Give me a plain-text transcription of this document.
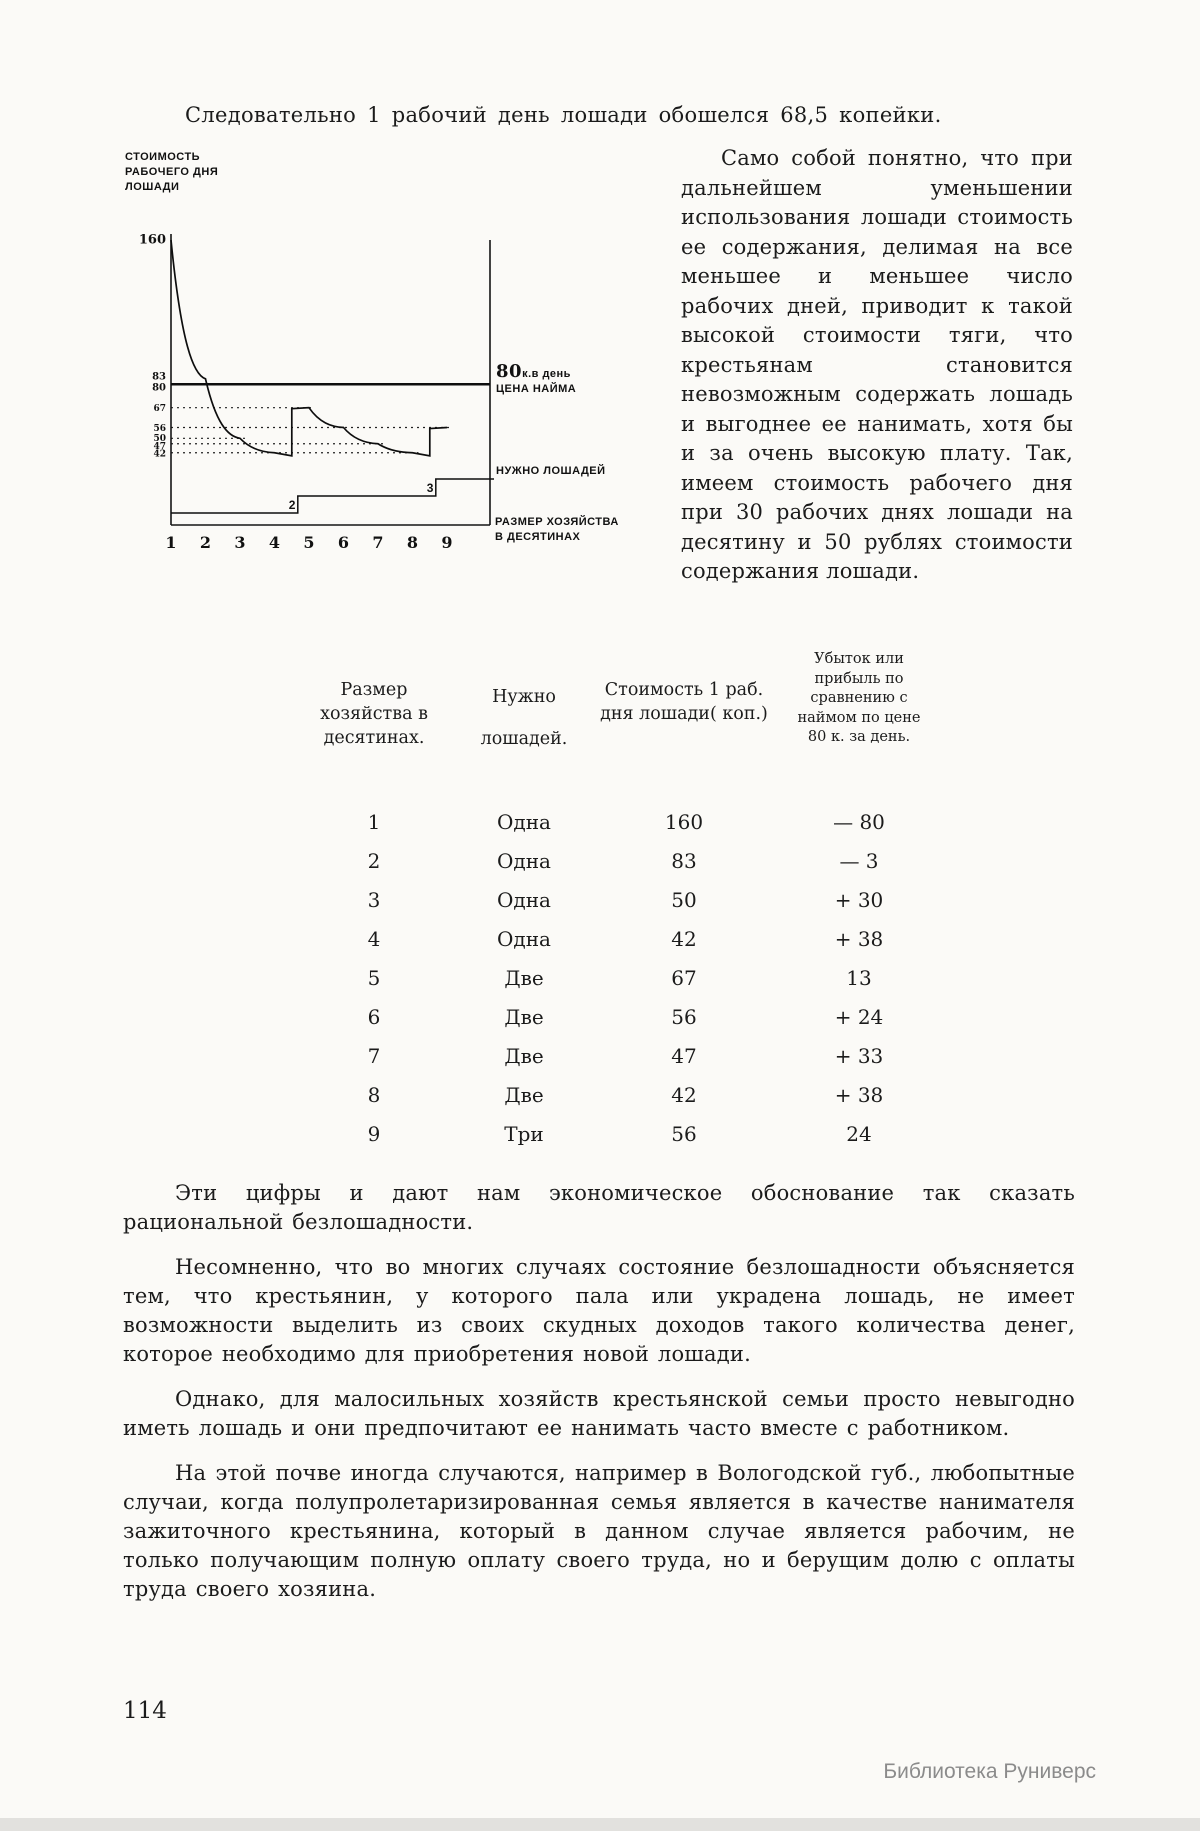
Следовательно 1 рабочий день лошади обошелся 68,5 копейки.

160
83
80
67
56
50
47
42
2
3
1 2 3 4 5 6 7 8 9
СТОИМОСТЬ
РАБОЧЕГО ДНЯ
ЛОШАДИ
80к.в день
ЦЕНА НАЙМА
НУЖНО ЛОШАДЕЙ
РАЗМЕР ХОЗЯЙСТВА
В ДЕСЯТИНАХ

Само собой понятно, что при дальнейшем уменьшении использования лошади стоимость ее содержания, делимая на все меньшее и меньшее число рабочих дней, приводит к такой высокой стоимости тяги, что крестьянам становится невозможным содержать лошадь и выгоднее ее нанимать, хотя бы и за очень высокую плату. Так, имеем стоимость рабочего дня при 30 рабочих днях лошади на десятину и 50 рублях стоимости содержания лошади.

Размер хозяйства в десятинах.
Нужно лошадей.
Стоимость 1 раб. дня лошади( коп.)
Убыток или прибыль по сравнению с наймом по цене 80 к. за день.
1	Одна	160	— 80
2	Одна	83	— 3
3	Одна	50	+ 30
4	Одна	42	+ 38
5	Две	67	13
6	Две	56	+ 24
7	Две	47	+ 33
8	Две	42	+ 38
9	Три	56	24

Эти цифры и дают нам экономическое обоснование так сказать рациональной безлошадности.

Несомненно, что во многих случаях состояние безлошадности объясняется тем, что крестьянин, у которого пала или украдена лошадь, не имеет возможности выделить из своих скудных доходов такого количества денег, которое необходимо для приобретения новой лошади.

Однако, для малосильных хозяйств крестьянской семьи просто невыгодно иметь лошадь и они предпочитают ее нанимать часто вместе с работником.

На этой почве иногда случаются, например в Вологодской губ., любопытные случаи, когда полупролетаризированная семья является в качестве нанимателя зажиточного крестьянина, который в данном случае является рабочим, не только получающим полную оплату своего труда, но и берущим долю с оплаты труда своего хозяина.

114
Библиотека Руниверс
